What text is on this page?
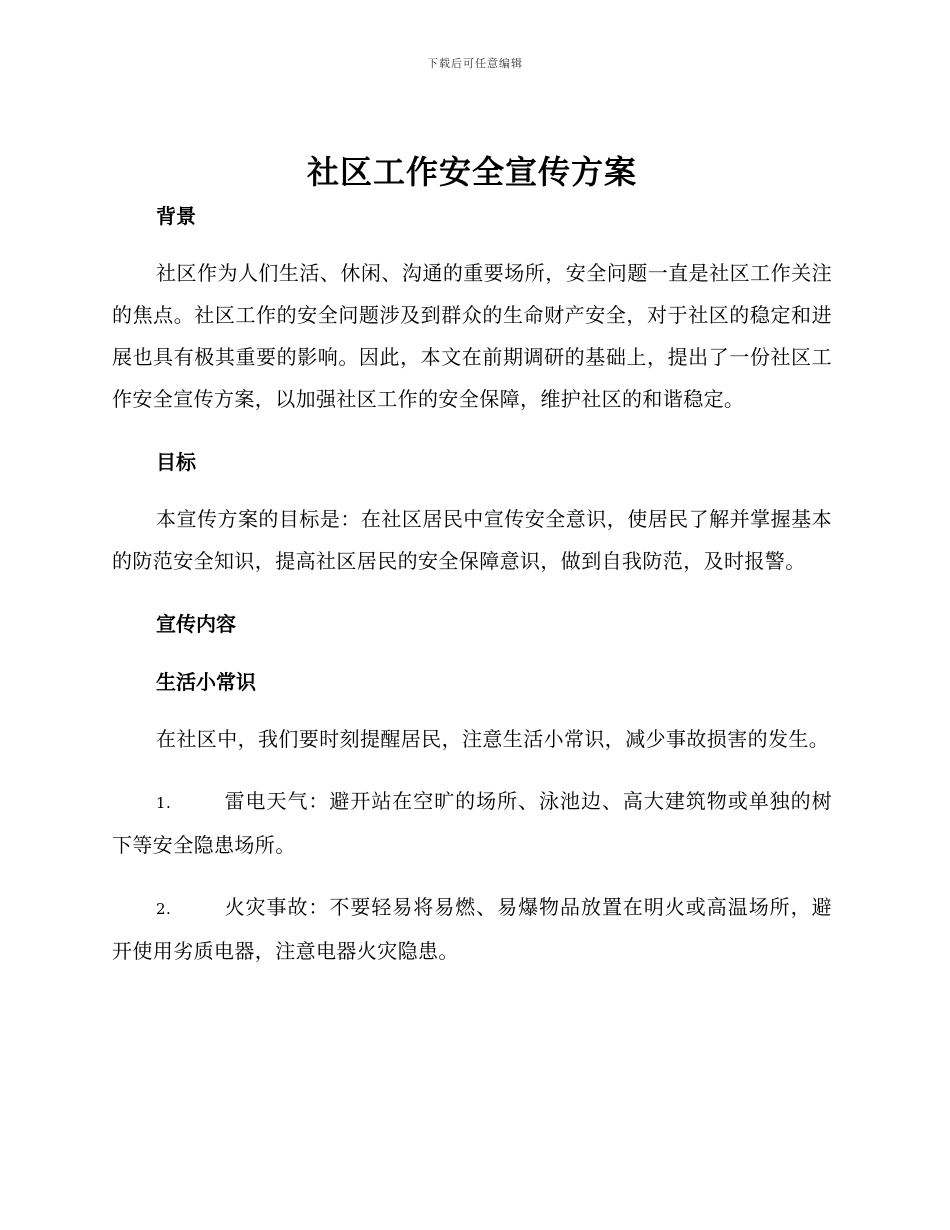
下载后可任意编辑
社区工作安全宣传方案

背景

社区作为人们生活、休闲、沟通的重要场所，安全问题一直是社区工作关注的焦点。社区工作的安全问题涉及到群众的生命财产安全，对于社区的稳定和进展也具有极其重要的影响。因此，本文在前期调研的基础上，提出了一份社区工作安全宣传方案，以加强社区工作的安全保障，维护社区的和谐稳定。

目标

本宣传方案的目标是：在社区居民中宣传安全意识，使居民了解并掌握基本的防范安全知识，提高社区居民的安全保障意识，做到自我防范，及时报警。

宣传内容

生活小常识

在社区中，我们要时刻提醒居民，注意生活小常识，减少事故损害的发生。

1.	雷电天气：避开站在空旷的场所、泳池边、高大建筑物或单独的树下等安全隐患场所。

2.	火灾事故：不要轻易将易燃、易爆物品放置在明火或高温场所，避开使用劣质电器，注意电器火灾隐患。
